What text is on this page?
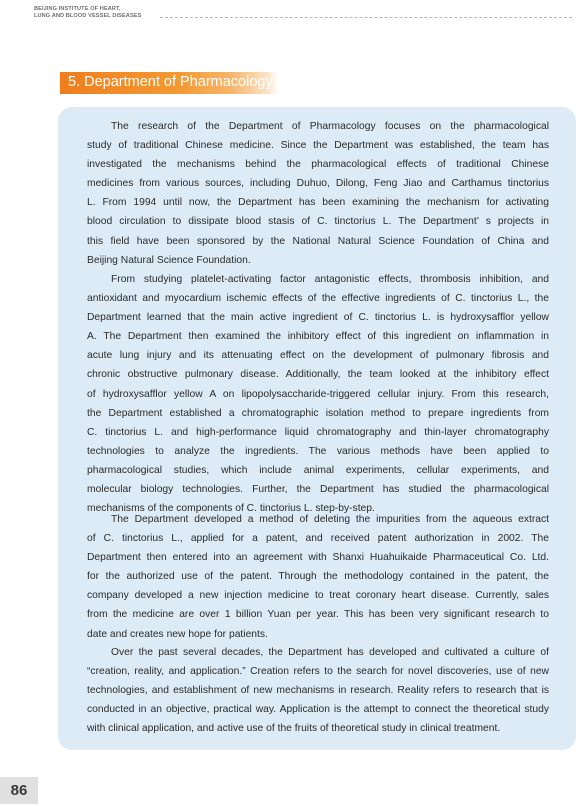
BEIJING INSTITUTE OF HEART,
LUNG AND BLOOD VESSEL DISEASES
5. Department of Pharmacology
The research of the Department of Pharmacology focuses on the pharmacological
study of traditional Chinese medicine. Since the Department was established, the team has
investigated the mechanisms behind the pharmacological effects of traditional Chinese
medicines from various sources, including Duhuo, Dilong, Feng Jiao and Carthamus tinctorius
L. From 1994 until now, the Department has been examining the mechanism for activating
blood circulation to dissipate blood stasis of C. tinctorius L. The Department’ s projects in
this field have been sponsored by the National Natural Science Foundation of China and
Beijing Natural Science Foundation.
From studying platelet-activating factor antagonistic effects, thrombosis inhibition, and
antioxidant and myocardium ischemic effects of the effective ingredients of C. tinctorius L., the
Department learned that the main active ingredient of C. tinctorius L. is hydroxysafflor yellow
A. The Department then examined the inhibitory effect of this ingredient on inflammation in
acute lung injury and its attenuating effect on the development of pulmonary fibrosis and
chronic obstructive pulmonary disease. Additionally, the team looked at the inhibitory effect
of hydroxysafflor yellow A on lipopolysaccharide-triggered cellular injury. From this research,
the Department established a chromatographic isolation method to prepare ingredients from
C. tinctorius L. and high-performance liquid chromatography and thin-layer chromatography
technologies to analyze the ingredients. The various methods have been applied to
pharmacological studies, which include animal experiments, cellular experiments, and
molecular biology technologies. Further, the Department has studied the pharmacological
mechanisms of the components of C. tinctorius L. step-by-step.
The Department developed a method of deleting the impurities from the aqueous extract
of C. tinctorius L., applied for a patent, and received patent authorization in 2002. The
Department then entered into an agreement with Shanxi Huahuikaide Pharmaceutical Co. Ltd.
for the authorized use of the patent. Through the methodology contained in the patent, the
company developed a new injection medicine to treat coronary heart disease. Currently, sales
from the medicine are over 1 billion Yuan per year. This has been very significant research to
date and creates new hope for patients.
Over the past several decades, the Department has developed and cultivated a culture of
“creation, reality, and application.” Creation refers to the search for novel discoveries, use of new
technologies, and establishment of new mechanisms in research. Reality refers to research that is
conducted in an objective, practical way. Application is the attempt to connect the theoretical study
with clinical application, and active use of the fruits of theoretical study in clinical treatment.
86
